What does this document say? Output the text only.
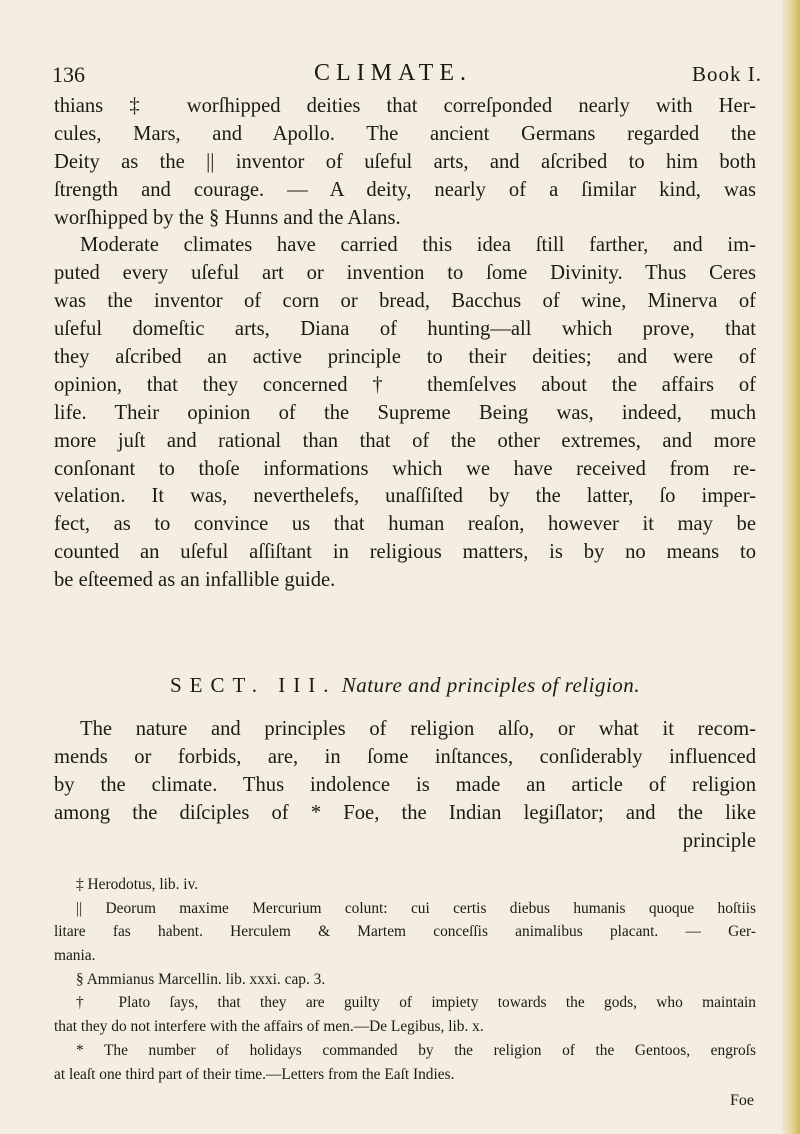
136	CLIMATE.	Book I.
thians ‡ worſhipped deities that correſponded nearly with Her-
cules, Mars, and Apollo. The ancient Germans regarded the
Deity as the || inventor of uſeful arts, and aſcribed to him both
ſtrength and courage. — A deity, nearly of a ſimilar kind, was
worſhipped by the § Hunns and the Alans.
Moderate climates have carried this idea ſtill farther, and im-
puted every uſeful art or invention to ſome Divinity. Thus Ceres
was the inventor of corn or bread, Bacchus of wine, Minerva of
uſeful domeſtic arts, Diana of hunting—all which prove, that
they aſcribed an active principle to their deities; and were of
opinion, that they concerned † themſelves about the affairs of
life. Their opinion of the Supreme Being was, indeed, much
more juſt and rational than that of the other extremes, and more
conſonant to thoſe informations which we have received from re-
velation. It was, neverthelefs, unaſſiſted by the latter, ſo imper-
fect, as to convince us that human reaſon, however it may be
counted an uſeful aſſiſtant in religious matters, is by no means to
be eſteemed as an infallible guide.
SECT. III. Nature and principles of religion.
The nature and principles of religion alſo, or what it recom-
mends or forbids, are, in ſome inſtances, conſiderably influenced
by the climate. Thus indolence is made an article of religion
among the diſciples of * Foe, the Indian legiſlator; and the like
principle
‡ Herodotus, lib. iv.
|| Deorum maxime Mercurium colunt: cui certis diebus humanis quoque hoſtiis
litare fas habent. Herculem & Martem conceſſis animalibus placant. — Ger-
mania.
§ Ammianus Marcellin. lib. xxxi. cap. 3.
† Plato ſays, that they are guilty of impiety towards the gods, who maintain
that they do not interfere with the affairs of men.—De Legibus, lib. x.
* The number of holidays commanded by the religion of the Gentoos, engroſs
at leaſt one third part of their time.—Letters from the Eaſt Indies.
Foe
